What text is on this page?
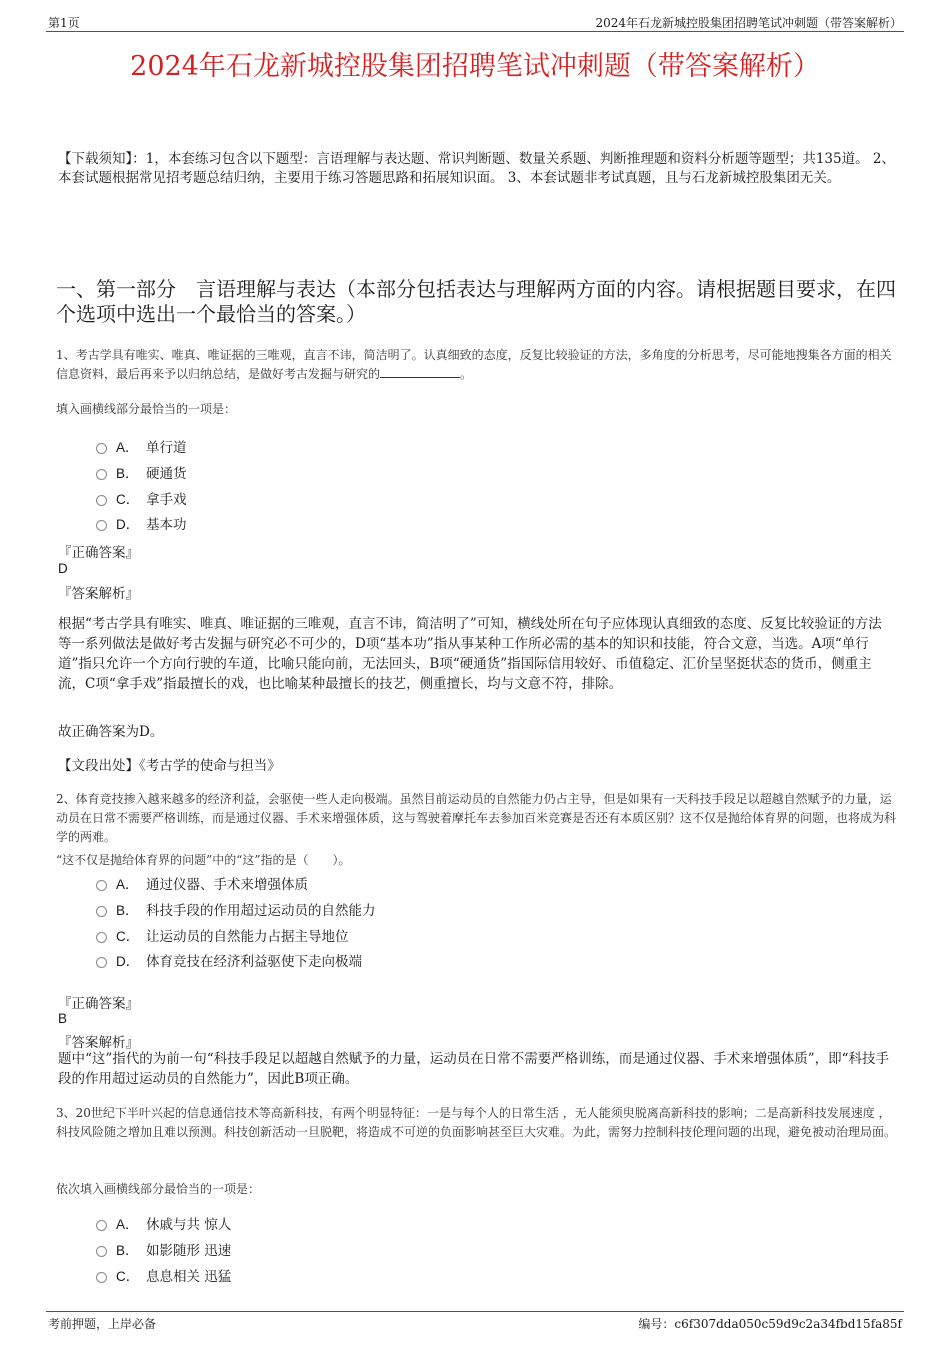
第1页	2024年石龙新城控股集团招聘笔试冲刺题（带答案解析）
2024年石龙新城控股集团招聘笔试冲刺题（带答案解析）
【下载须知】：1，本套练习包含以下题型：言语理解与表达题、常识判断题、数量关系题、判断推理题和资料分析题等题型；共135道。 2、本套试题根据常见招考题总结归纳，主要用于练习答题思路和拓展知识面。 3、本套试题非考试真题，且与石龙新城控股集团无关。
一、第一部分　言语理解与表达（本部分包括表达与理解两方面的内容。请根据题目要求，在四个选项中选出一个最恰当的答案。）
1、考古学具有唯实、唯真、唯证据的三唯观，直言不讳，简洁明了。认真细致的态度，反复比较验证的方法，多角度的分析思考，尽可能地搜集各方面的相关信息资料，最后再来予以归纳总结，是做好考古发掘与研究的	。
填入画横线部分最恰当的一项是：
A． 单行道
B． 硬通货
C． 拿手戏
D． 基本功
『正确答案』
D
『答案解析』
根据“考古学具有唯实、唯真、唯证据的三唯观，直言不讳，简洁明了”可知，横线处所在句子应体现认真细致的态度、反复比较验证的方法等一系列做法是做好考古发掘与研究必不可少的，D项“基本功”指从事某种工作所必需的基本的知识和技能，符合文意，当选。A项“单行道”指只允许一个方向行驶的车道，比喻只能向前，无法回头，B项“硬通货”指国际信用较好、币值稳定、汇价呈坚挺状态的货币，侧重主流，C项“拿手戏”指最擅长的戏，也比喻某种最擅长的技艺，侧重擅长，均与文意不符，排除。
故正确答案为D。
【文段出处】《考古学的使命与担当》
2、体育竞技掺入越来越多的经济利益，会驱使一些人走向极端。虽然目前运动员的自然能力仍占主导，但是如果有一天科技手段足以超越自然赋予的力量，运动员在日常不需要严格训练，而是通过仪器、手术来增强体质，这与驾驶着摩托车去参加百米竞赛是否还有本质区别？这不仅是抛给体育界的问题，也将成为科学的两难。
“这不仅是抛给体育界的问题”中的“这”指的是（　　）。
A． 通过仪器、手术来增强体质
B． 科技手段的作用超过运动员的自然能力
C． 让运动员的自然能力占据主导地位
D． 体育竞技在经济利益驱使下走向极端
『正确答案』
B
『答案解析』
题中“这”指代的为前一句“科技手段足以超越自然赋予的力量，运动员在日常不需要严格训练，而是通过仪器、手术来增强体质”，即“科技手段的作用超过运动员的自然能力”，因此B项正确。
3、20世纪下半叶兴起的信息通信技术等高新科技，有两个明显特征：一是与每个人的日常生活 ，无人能须臾脱离高新科技的影响；二是高新科技发展速度 ，科技风险随之增加且难以预测。科技创新活动一旦脱靶，将造成不可逆的负面影响甚至巨大灾难。为此，需努力控制科技伦理问题的出现，避免被动治理局面。
依次填入画横线部分最恰当的一项是：
A． 休戚与共 惊人
B． 如影随形 迅速
C． 息息相关 迅猛
考前押题，上岸必备	编号：c6f307dda050c59d9c2a34fbd15fa85f
